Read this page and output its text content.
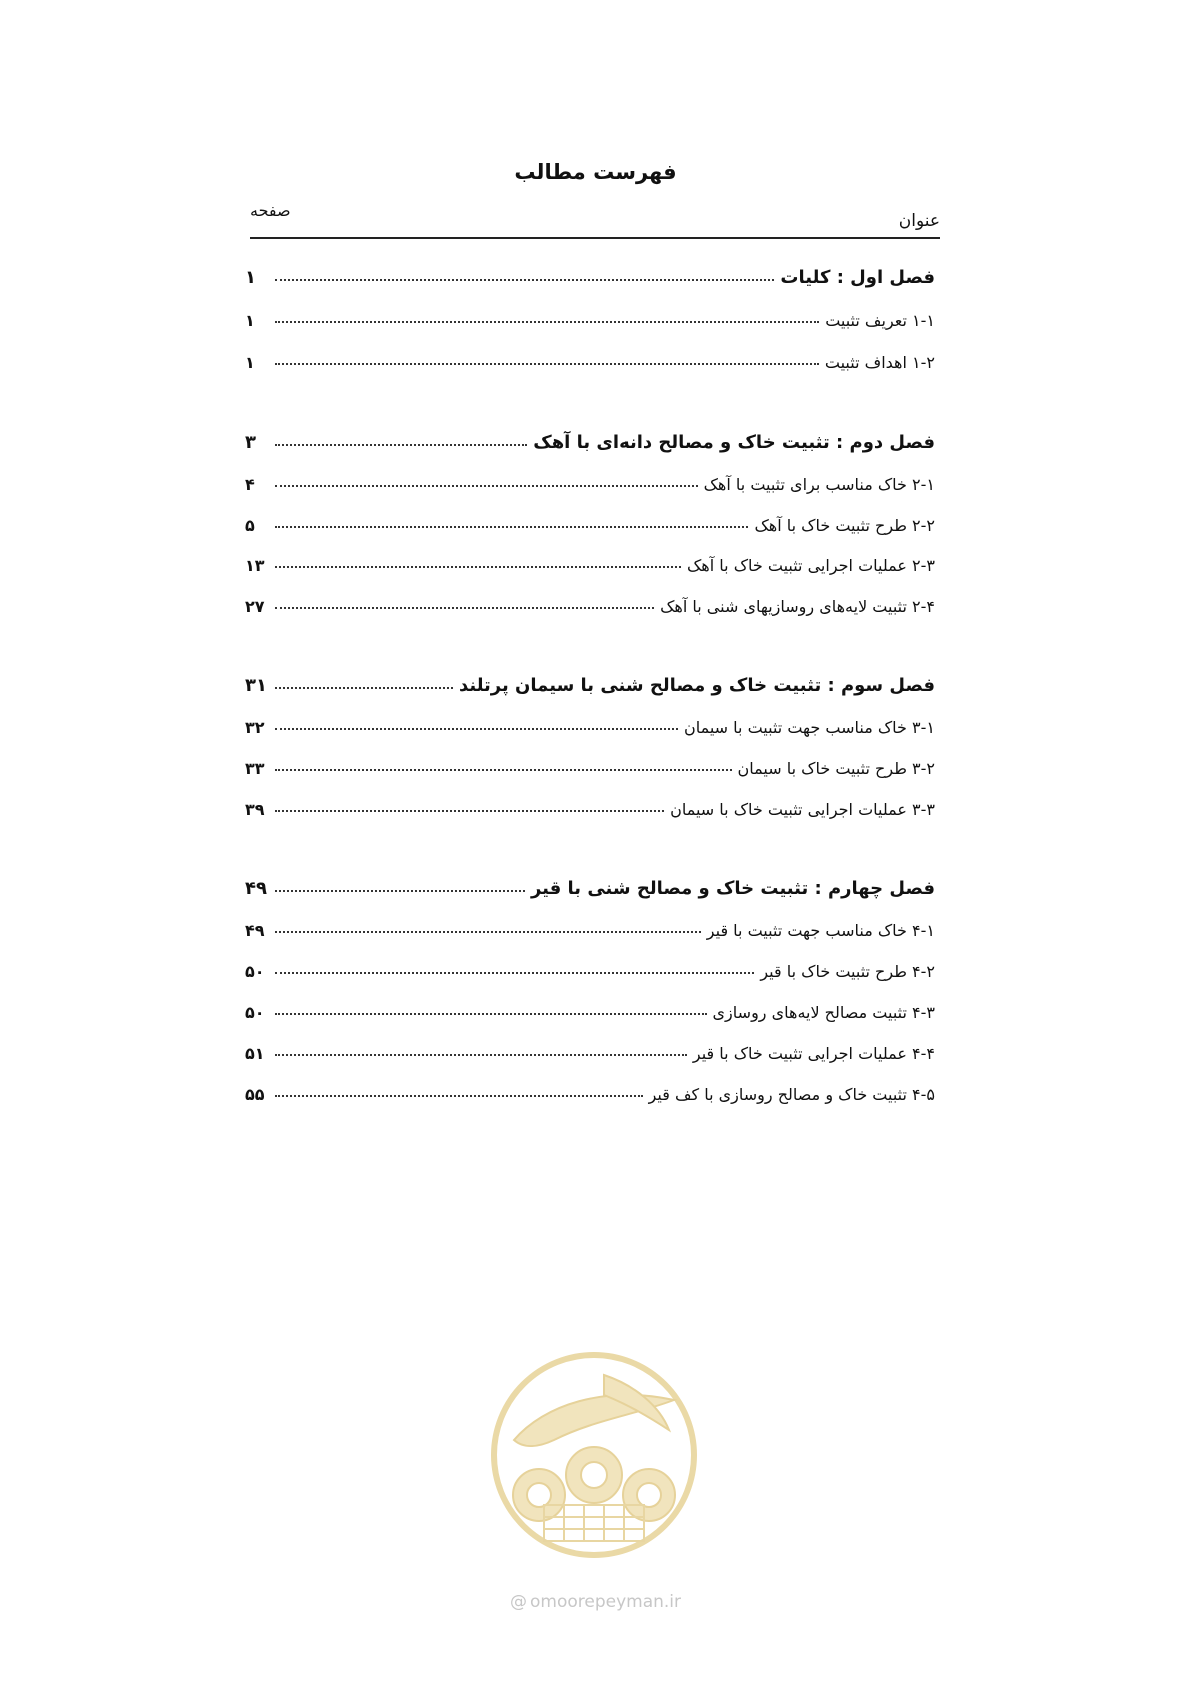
فهرست مطالب
عنوان
صفحه
فصل اول : کلیات
۱
۱-۱ تعریف تثبیت
۱
۱-۲ اهداف تثبیت
۱
فصل دوم : تثبیت خاک و مصالح دانه‌ای با آهک
۳
۲-۱ خاک مناسب برای تثبیت با آهک
۴
۲-۲ طرح تثبیت خاک با آهک
۵
۲-۳ عملیات اجرایی تثبیت خاک با آهک
۱۳
۲-۴ تثبیت لایه‌های روسازیهای شنی با آهک
۲۷
فصل سوم : تثبیت خاک و مصالح شنی با سیمان پرتلند
۳۱
۳-۱ خاک مناسب جهت تثبیت با سیمان
۳۲
۳-۲ طرح تثبیت خاک با سیمان
۳۳
۳-۳ عملیات اجرایی تثبیت خاک با سیمان
۳۹
فصل چهارم : تثبیت خاک و مصالح شنی با قیر
۴۹
۴-۱ خاک مناسب جهت تثبیت با قیر
۴۹
۴-۲ طرح تثبیت خاک با قیر
۵۰
۴-۳ تثبیت مصالح لایه‌های روسازی
۵۰
۴-۴ عملیات اجرایی تثبیت خاک با قیر
۵۱
۴-۵ تثبیت خاک و مصالح روسازی با کف قیر
۵۵
@ omoorepeyman.ir
